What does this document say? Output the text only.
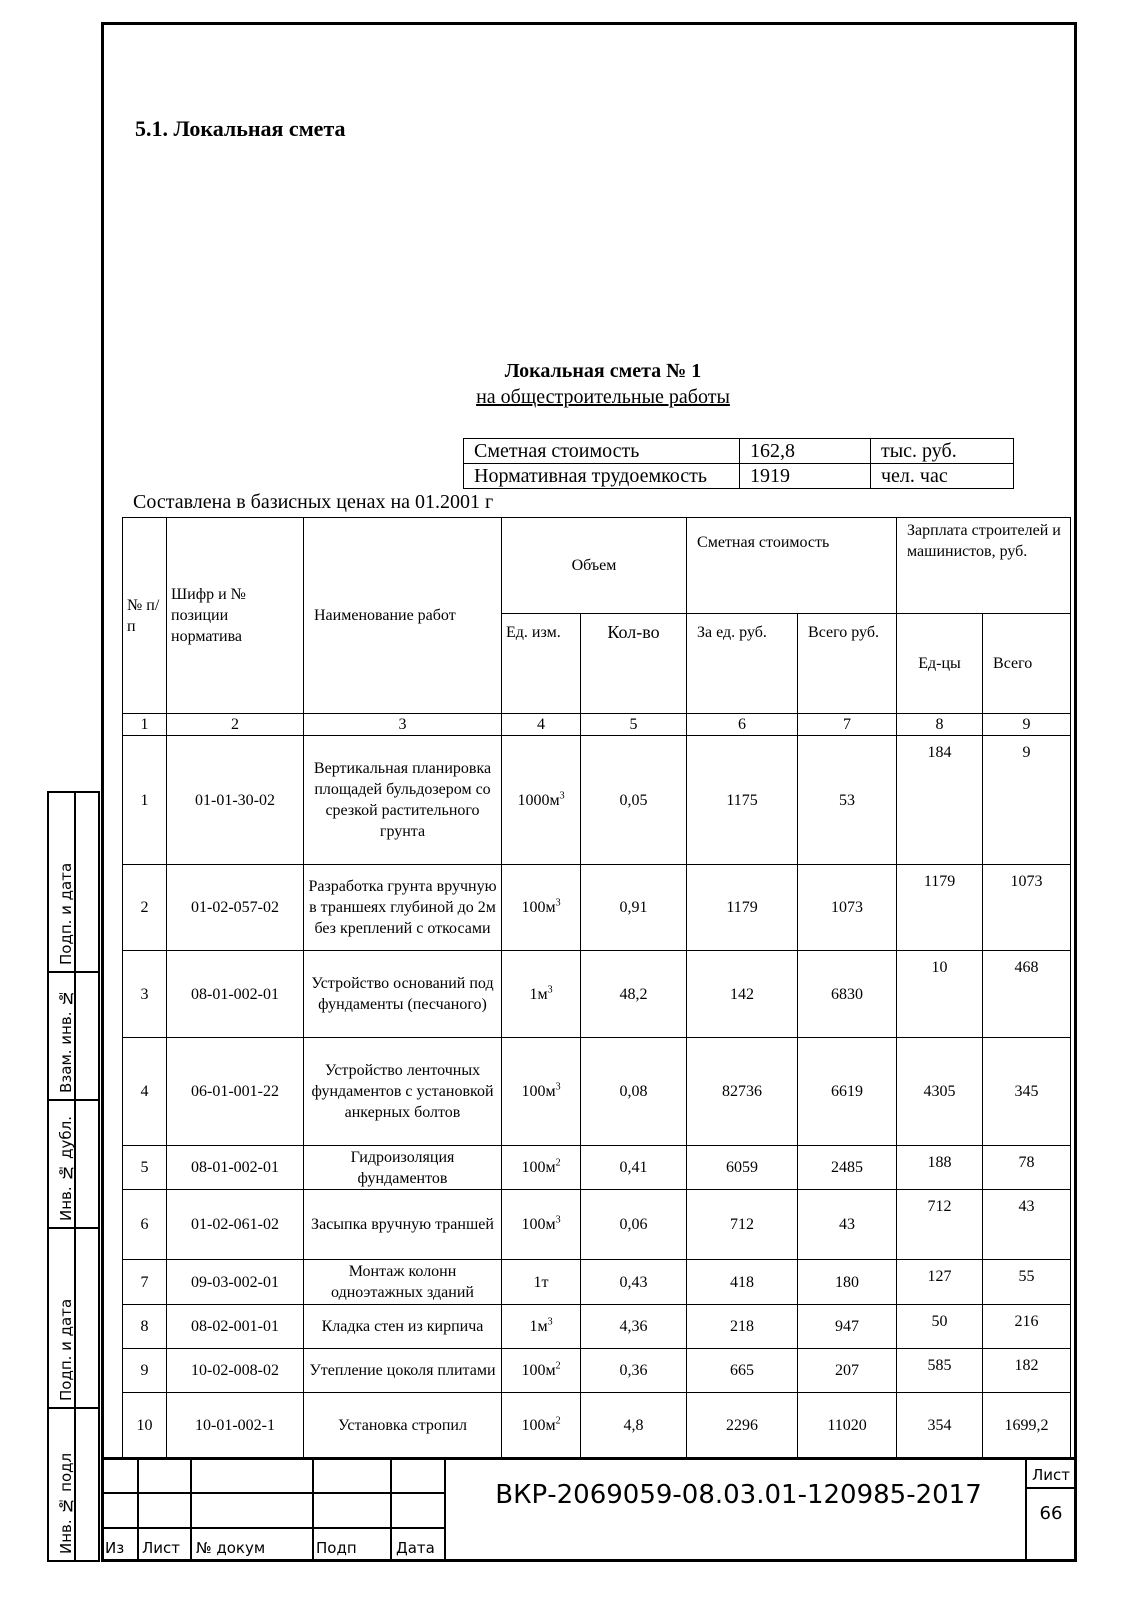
5.1. Локальная смета
Локальная смета № 1
на общестроительные работы
Сметная стоимость	162,8	тыс. руб.
Нормативная трудоемкость	1919	чел. час
Составлена в базисных ценах на 01.2001 г
№ п/п	Шифр и № позиции норматива	Наименование работ	Объем		Сметная стоимость		Зарплата строителей и машинистов, руб.	
			Ед. изм.	Кол-во	За ед. руб.	Всего руб.	Ед-цы	Всего
1	2	3	4	5	6	7	8	9
1	01-01-30-02	Вертикальная планировка площадей бульдозером со срезкой растительного грунта	$1000м^3$	0,05	1175	53	184	9
2	01-02-057-02	Разработка грунта вручную в траншеях глубиной до 2м без креплений с откосами	$100м^3$	0,91	1179	1073	1179	1073
3	08-01-002-01	Устройство оснований под фундаменты (песчаного)	$1м^3$	48,2	142	6830	10	468
4	06-01-001-22	Устройство ленточных фундаментов с установкой анкерных болтов	$100м^3$	0,08	82736	6619	4305	345
5	08-01-002-01	Гидроизоляция фундаментов	$100м^2$	0,41	6059	2485	188	78
6	01-02-061-02	Засыпка вручную траншей	$100м^3$	0,06	712	43	712	43
7	09-03-002-01	Монтаж колонн одноэтажных зданий	1т	0,43	418	180	127	55
8	08-02-001-01	Кладка стен из кирпича	$1м^3$	4,36	218	947	50	216
9	10-02-008-02	Утепление цоколя плитами	$100м^2$	0,36	665	207	585	182
10	10-01-002-1	Установка стропил	$100м^2$	4,8	2296	11020	354	1699,2
Подп. и дата
Взам. инв. №
Инв. № дубл.
Подп. и дата
Инв. № подл Из Лист № докум	Подп	Дата
ВКР-2069059-08.03.01-120985-2017
Лист
66
